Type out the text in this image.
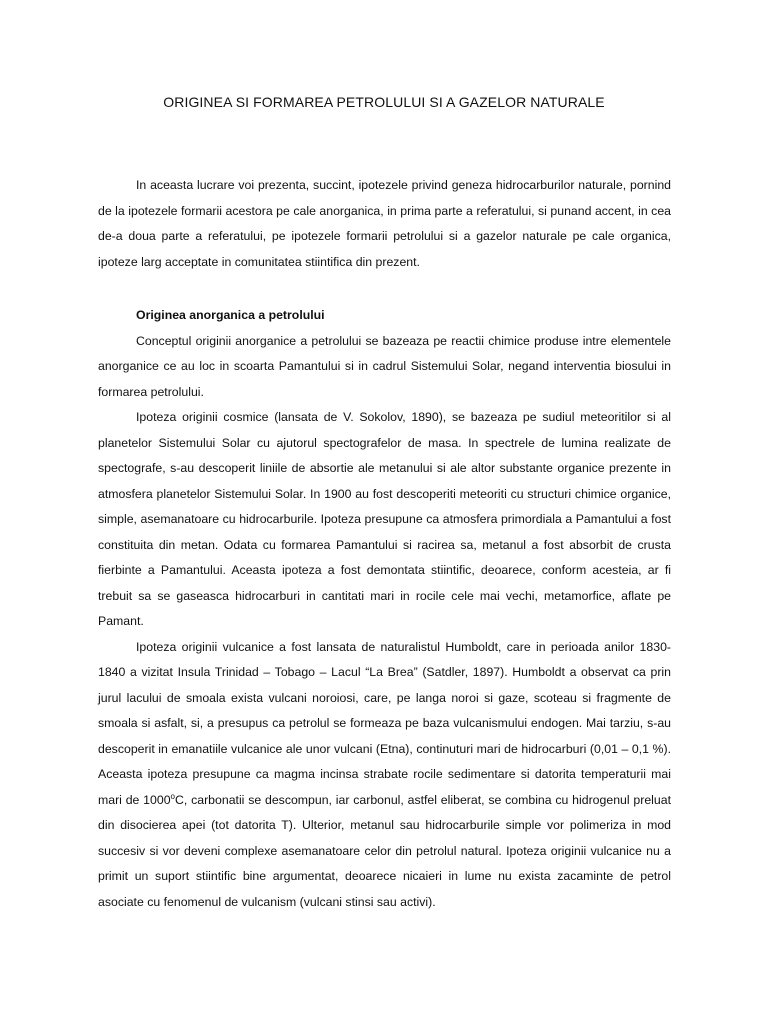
ORIGINEA SI FORMAREA PETROLULUI SI A GAZELOR NATURALE

In aceasta lucrare voi prezenta, succint, ipotezele privind geneza hidrocarburilor naturale, pornind de la ipotezele formarii acestora pe cale anorganica, in prima parte a referatului, si punand accent, in cea de-a doua parte a referatului, pe ipotezele formarii petrolului si a gazelor naturale pe cale organica, ipoteze larg acceptate in comunitatea stiintifica din prezent.

Originea anorganica a petrolului

Conceptul originii anorganice a petrolului se bazeaza pe reactii chimice produse intre elementele anorganice ce au loc in scoarta Pamantului si in cadrul Sistemului Solar, negand interventia biosului in formarea petrolului.

Ipoteza originii cosmice (lansata de V. Sokolov, 1890), se bazeaza pe sudiul meteoritilor si al planetelor Sistemului Solar cu ajutorul spectografelor de masa. In spectrele de lumina realizate de spectografe, s-au descoperit liniile de absortie ale metanului si ale altor substante organice prezente in atmosfera planetelor Sistemului Solar. In 1900 au fost descoperiti meteoriti cu structuri chimice organice, simple, asemanatoare cu hidrocarburile. Ipoteza presupune ca atmosfera primordiala a Pamantului a fost constituita din metan. Odata cu formarea Pamantului si racirea sa, metanul a fost absorbit de crusta fierbinte a Pamantului. Aceasta ipoteza a fost demontata stiintific, deoarece, conform acesteia, ar fi trebuit sa se gaseasca hidrocarburi in cantitati mari in rocile cele mai vechi, metamorfice, aflate pe Pamant.

Ipoteza originii vulcanice a fost lansata de naturalistul Humboldt, care in perioada anilor 1830-1840 a vizitat Insula Trinidad – Tobago – Lacul “La Brea” (Satdler, 1897). Humboldt a observat ca prin jurul lacului de smoala exista vulcani noroiosi, care, pe langa noroi si gaze, scoteau si fragmente de smoala si asfalt, si, a presupus ca petrolul se formeaza pe baza vulcanismului endogen. Mai tarziu, s-au descoperit in emanatiile vulcanice ale unor vulcani (Etna), continuturi mari de hidrocarburi (0,01 – 0,1 %). Aceasta ipoteza presupune ca magma incinsa strabate rocile sedimentare si datorita temperaturii mai mari de 1000$^o$C, carbonatii se descompun, iar carbonul, astfel eliberat, se combina cu hidrogenul preluat din disocierea apei (tot datorita T). Ulterior, metanul sau hidrocarburile simple vor polimeriza in mod succesiv si vor deveni complexe asemanatoare celor din petrolul natural. Ipoteza originii vulcanice nu a primit un suport stiintific bine argumentat, deoarece nicaieri in lume nu exista zacaminte de petrol asociate cu fenomenul de vulcanism (vulcani stinsi sau activi).
